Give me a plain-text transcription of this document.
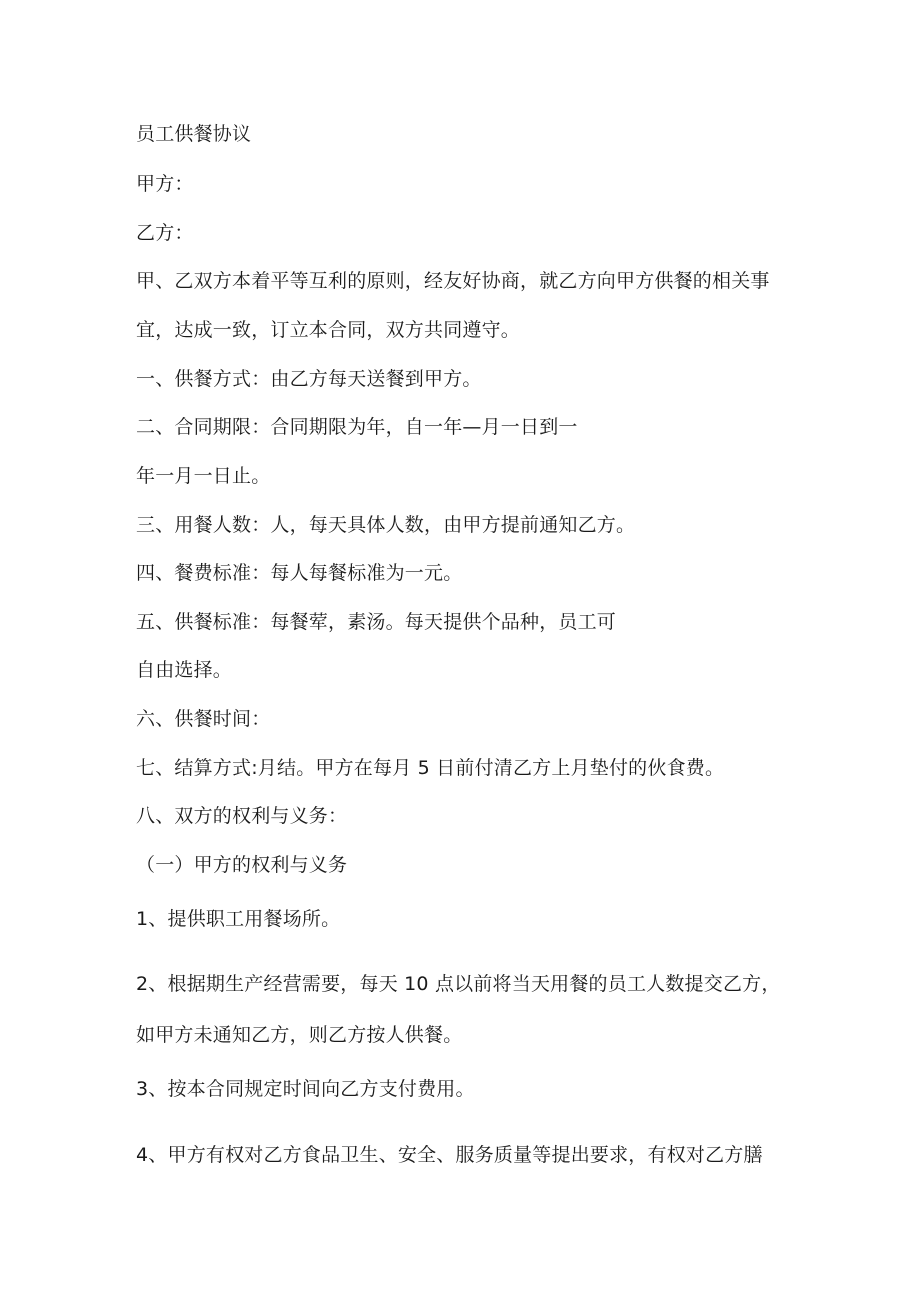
员工供餐协议
甲方：
乙方：
甲、乙双方本着平等互利的原则，经友好协商，就乙方向甲方供餐的相关事
宜，达成一致，订立本合同，双方共同遵守。
一、供餐方式：由乙方每天送餐到甲方。
二、合同期限：合同期限为年，自一年—月一日到一
年一月一日止。
三、用餐人数：人，每天具体人数，由甲方提前通知乙方。
四、餐费标准：每人每餐标准为一元。
五、供餐标准：每餐荤，素汤。每天提供个品种，员工可
自由选择。
六、供餐时间：
七、结算方式:月结。甲方在每月 5 日前付清乙方上月垫付的伙食费。
八、双方的权利与义务：
（一）甲方的权利与义务
1、提供职工用餐场所。
2、根据期生产经营需要，每天 10 点以前将当天用餐的员工人数提交乙方，
如甲方未通知乙方，则乙方按人供餐。
3、按本合同规定时间向乙方支付费用。
4、甲方有权对乙方食品卫生、安全、服务质量等提出要求，有权对乙方膳
